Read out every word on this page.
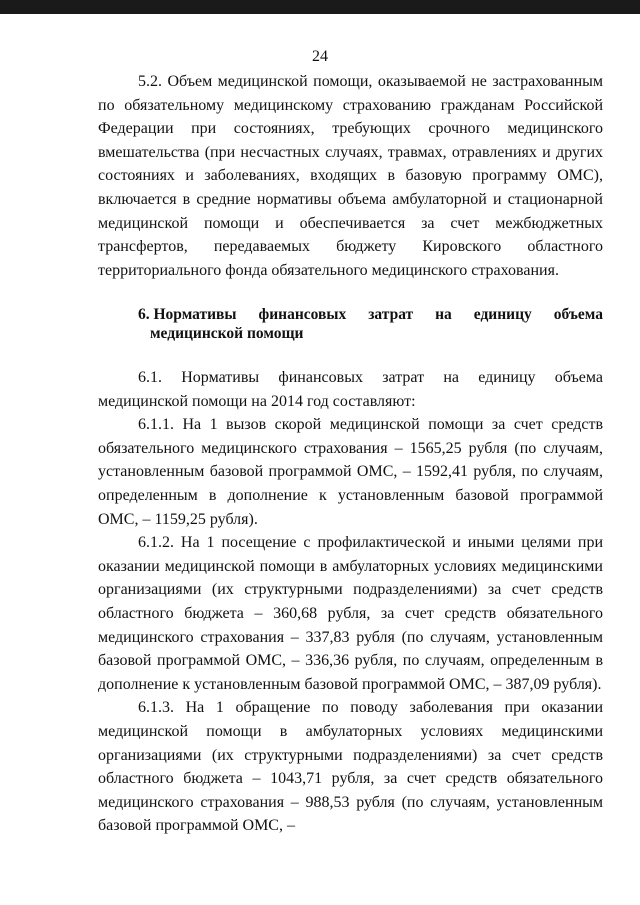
24

5.2. Объем медицинской помощи, оказываемой не застрахованным по обязательному медицинскому страхованию гражданам Российской Федерации при состояниях, требующих срочного медицинского вмешательства (при несчастных случаях, травмах, отравлениях и других состояниях и заболеваниях, входящих в базовую программу ОМС), включается в средние нормативы объема амбулаторной и стационарной медицинской помощи и обеспечивается за счет межбюджетных трансфертов, передаваемых бюджету Кировского областного территориального фонда обязательного медицинского страхования.

6. Нормативы финансовых затрат на единицу объема
медицинской помощи

6.1. Нормативы финансовых затрат на единицу объема медицинской помощи на 2014 год составляют:

6.1.1. На 1 вызов скорой медицинской помощи за счет средств обязательного медицинского страхования – 1565,25 рубля (по случаям, установленным базовой программой ОМС, – 1592,41 рубля, по случаям, определенным в дополнение к установленным базовой программой ОМС, – 1159,25 рубля).

6.1.2. На 1 посещение с профилактической и иными целями при оказании медицинской помощи в амбулаторных условиях медицинскими организациями (их структурными подразделениями) за счет средств областного бюджета – 360,68 рубля, за счет средств обязательного медицинского страхования – 337,83 рубля (по случаям, установленным базовой программой ОМС, – 336,36 рубля, по случаям, определенным в дополнение к установленным базовой программой ОМС, – 387,09 рубля).

6.1.3. На 1 обращение по поводу заболевания при оказании медицинской помощи в амбулаторных условиях медицинскими организациями (их структурными подразделениями) за счет средств областного бюджета – 1043,71 рубля, за счет средств обязательного медицинского страхования – 988,53 рубля (по случаям, установленным базовой программой ОМС, –
